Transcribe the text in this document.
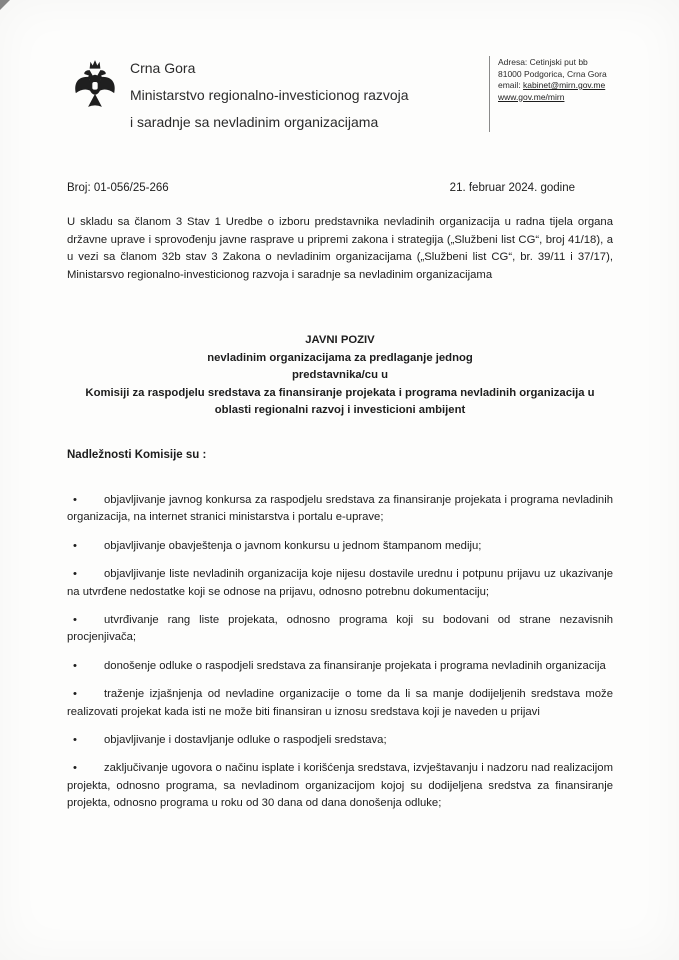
Crna Gora

Ministarstvo regionalno-investicionog razvoja

i saradnje sa nevladinim organizacijama

Adresa: Cetinjski put bb

81000 Podgorica, Crna Gora

email: kabinet@mirn.gov.me

www.gov.me/mirn

Broj: 01-056/25-266	21. februar 2024. godine

U skladu sa članom 3 Stav 1 Uredbe o izboru predstavnika nevladinih organizacija u radna tijela organa državne uprave i sprovođenju javne rasprave u pripremi zakona i strategija („Službeni list CG“, broj 41/18), a u vezi sa članom 32b stav 3 Zakona o nevladinim organizacijama („Službeni list CG“, br. 39/11 i 37/17), Ministarsvo regionalno-investicionog razvoja i saradnje sa nevladinim organizacijama

JAVNI POZIV

nevladinim organizacijama za predlaganje jednog

predstavnika/cu u

Komisiji za raspodjelu sredstava za finansiranje projekata i programa nevladinih organizacija u oblasti regionalni razvoj i investicioni ambijent

Nadležnosti Komisije su :

• objavljivanje javnog konkursa za raspodjelu sredstava za finansiranje projekata i programa nevladinih organizacija, na internet stranici ministarstva i portalu e-uprave;

• objavljivanje obavještenja o javnom konkursu u jednom štampanom mediju;

• objavljivanje liste nevladinih organizacija koje nijesu dostavile urednu i potpunu prijavu uz ukazivanje na utvrđene nedostatke koji se odnose na prijavu, odnosno potrebnu dokumentaciju;

• utvrđivanje rang liste projekata, odnosno programa koji su bodovani od strane nezavisnih procjenjivača;

• donošenje odluke o raspodjeli sredstava za finansiranje projekata i programa nevladinih organizacija

• traženje izjašnjenja od nevladine organizacije o tome da li sa manje dodijeljenih sredstava može realizovati projekat kada isti ne može biti finansiran u iznosu sredstava koji je naveden u prijavi

• objavljivanje i dostavljanje odluke o raspodjeli sredstava;

• zaključivanje ugovora o načinu isplate i korišćenja sredstava, izvještavanju i nadzoru nad realizacijom projekta, odnosno programa, sa nevladinom organizacijom kojoj su dodijeljena sredstva za finansiranje projekta, odnosno programa u roku od 30 dana od dana donošenja odluke;
